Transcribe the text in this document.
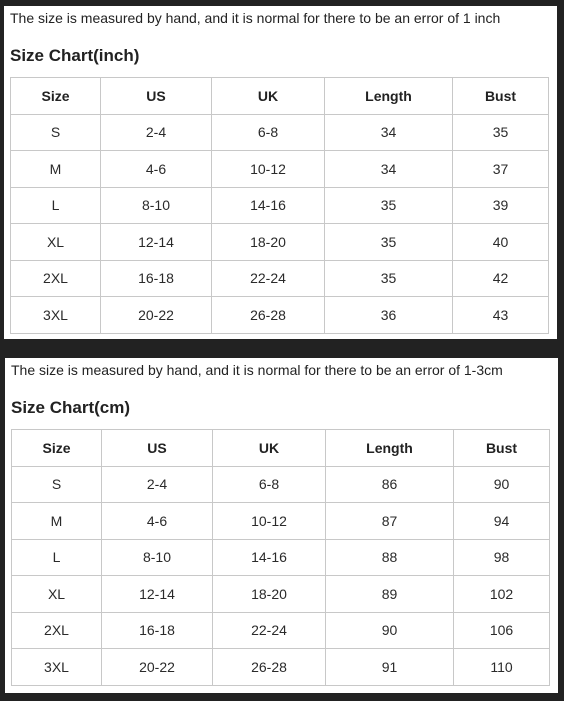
The size is measured by hand, and it is normal for there to be an error of 1 inch
Size Chart(inch)
Size	US	UK	Length	Bust
S	2-4	6-8	34	35
M	4-6	10-12	34	37
L	8-10	14-16	35	39
XL	12-14	18-20	35	40
2XL	16-18	22-24	35	42
3XL	20-22	26-28	36	43
The size is measured by hand, and it is normal for there to be an error of 1-3cm
Size Chart(cm)
Size	US	UK	Length	Bust
S	2-4	6-8	86	90
M	4-6	10-12	87	94
L	8-10	14-16	88	98
XL	12-14	18-20	89	102
2XL	16-18	22-24	90	106
3XL	20-22	26-28	91	110
